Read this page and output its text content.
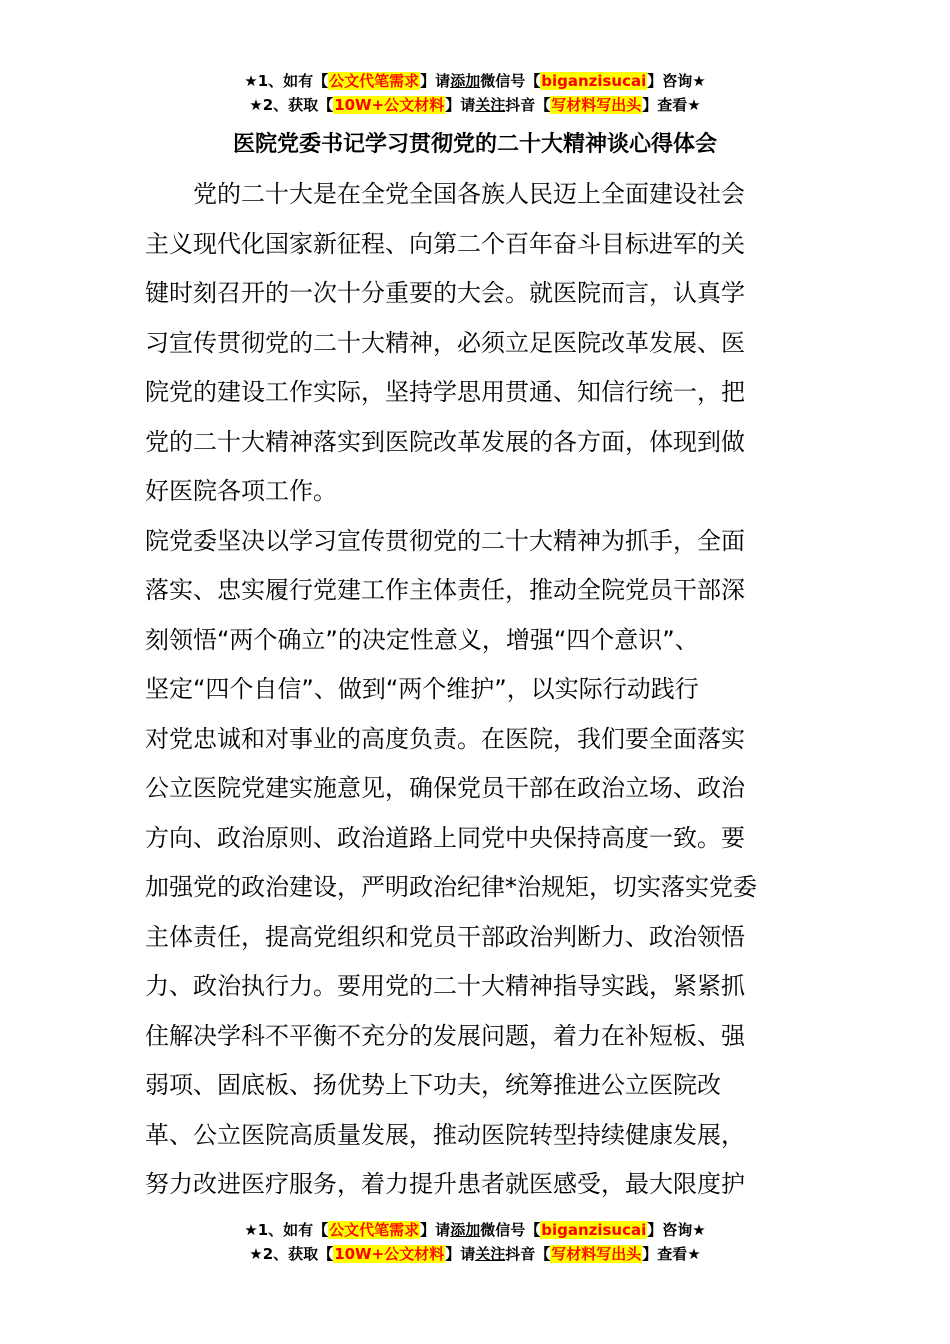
★1、如有【公文代笔需求】请添加微信号【biganzisucai】咨询★
★2、获取【10W+公文材料】请关注抖音【写材料写出头】查看★
医院党委书记学习贯彻党的二十大精神谈心得体会
　　党的二十大是在全党全国各族人民迈上全面建设社会
主义现代化国家新征程、向第二个百年奋斗目标进军的关
键时刻召开的一次十分重要的大会。就医院而言，认真学
习宣传贯彻党的二十大精神，必须立足医院改革发展、医
院党的建设工作实际，坚持学思用贯通、知信行统一，把
党的二十大精神落实到医院改革发展的各方面，体现到做
好医院各项工作。
院党委坚决以学习宣传贯彻党的二十大精神为抓手，全面
落实、忠实履行党建工作主体责任，推动全院党员干部深
刻领悟“两个确立”的决定性意义，增强“四个意识”、
坚定“四个自信”、做到“两个维护”，以实际行动践行
对党忠诚和对事业的高度负责。在医院，我们要全面落实
公立医院党建实施意见，确保党员干部在政治立场、政治
方向、政治原则、政治道路上同党中央保持高度一致。要
加强党的政治建设，严明政治纪律*治规矩，切实落实党委
主体责任，提高党组织和党员干部政治判断力、政治领悟
力、政治执行力。要用党的二十大精神指导实践，紧紧抓
住解决学科不平衡不充分的发展问题，着力在补短板、强
弱项、固底板、扬优势上下功夫，统筹推进公立医院改
革、公立医院高质量发展，推动医院转型持续健康发展，
努力改进医疗服务，着力提升患者就医感受，最大限度护
★1、如有【公文代笔需求】请添加微信号【biganzisucai】咨询★
★2、获取【10W+公文材料】请关注抖音【写材料写出头】查看★
